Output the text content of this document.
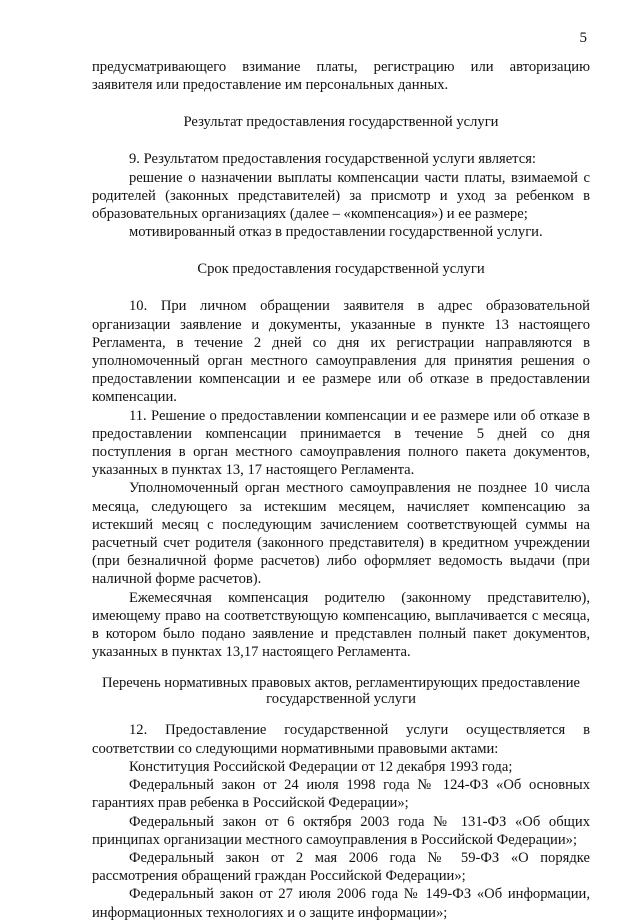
5

предусматривающего взимание платы, регистрацию или авторизацию заявителя или предоставление им персональных данных.

Результат предоставления государственной услуги

9. Результатом предоставления государственной услуги является:

решение о назначении выплаты компенсации части платы, взимаемой с родителей (законных представителей) за присмотр и уход за ребенком в образовательных организациях (далее – «компенсация») и ее размере;

мотивированный отказ в предоставлении государственной услуги.

Срок предоставления государственной услуги

10. При личном обращении заявителя в адрес образовательной организации заявление и документы, указанные в пункте 13 настоящего Регламента, в течение 2 дней со дня их регистрации направляются в уполномоченный орган местного самоуправления для принятия решения о предоставлении компенсации и ее размере или об отказе в предоставлении компенсации.

11. Решение о предоставлении компенсации и ее размере или об отказе в предоставлении компенсации принимается в течение 5 дней со дня поступления в орган местного самоуправления полного пакета документов, указанных в пунктах 13, 17 настоящего Регламента.

Уполномоченный орган местного самоуправления не позднее 10 числа месяца, следующего за истекшим месяцем, начисляет компенсацию за истекший месяц с последующим зачислением соответствующей суммы на расчетный счет родителя (законного представителя) в кредитном учреждении (при безналичной форме расчетов) либо оформляет ведомость выдачи (при наличной форме расчетов).

Ежемесячная компенсация родителю (законному представителю), имеющему право на соответствующую компенсацию, выплачивается с месяца, в котором было подано заявление и представлен полный пакет документов, указанных в пунктах 13,17 настоящего Регламента.

Перечень нормативных правовых актов, регламентирующих предоставление
государственной услуги

12. Предоставление государственной услуги осуществляется в соответствии со следующими нормативными правовыми актами:

Конституция Российской Федерации от 12 декабря 1993 года;

Федеральный закон от 24 июля 1998 года № 124-ФЗ «Об основных гарантиях прав ребенка в Российской Федерации»;

Федеральный закон от 6 октября 2003 года № 131-ФЗ «Об общих принципах организации местного самоуправления в Российской Федерации»;

Федеральный закон от 2 мая 2006 года № 59-ФЗ «О порядке рассмотрения обращений граждан Российской Федерации»;

Федеральный закон от 27 июля 2006 года № 149-ФЗ «Об информации, информационных технологиях и о защите информации»;
